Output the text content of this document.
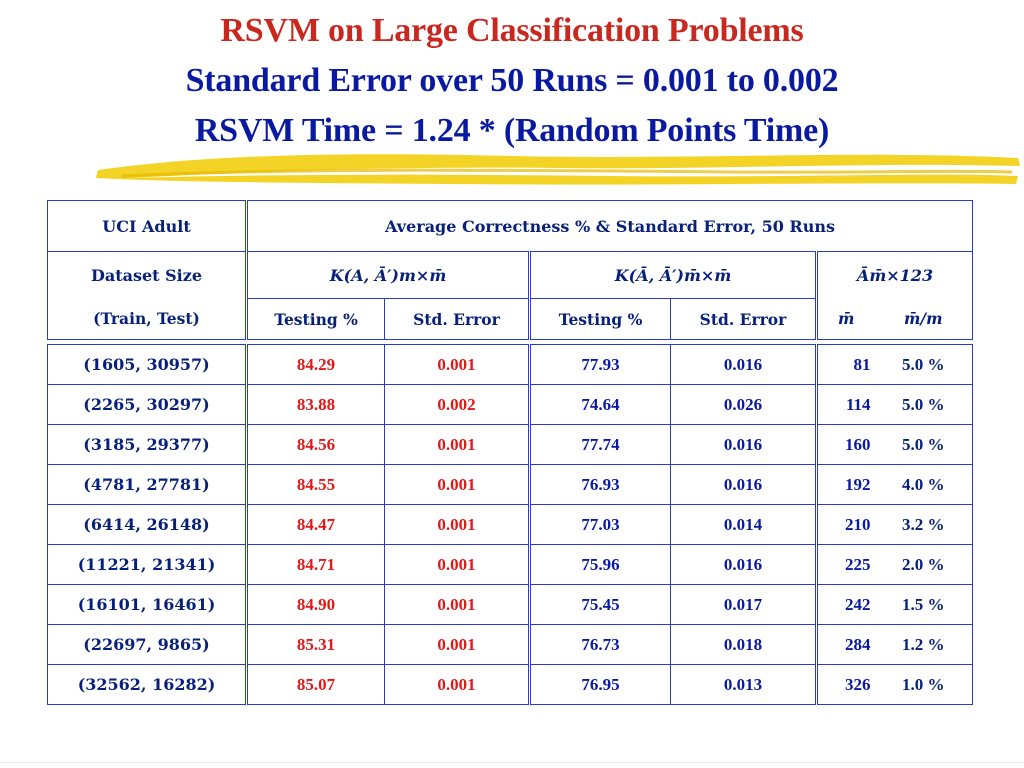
RSVM on Large Classification Problems
Standard Error over 50 Runs = 0.001 to 0.002
RSVM Time = 1.24 * (Random Points Time)
UCI Adult	Average Correctness % & Standard Error, 50 Runs					
Dataset Size	K(A, Ā′)m×m̄		K(Ā, Ā′)m̄×m̄		Ām̄×123	
(Train, Test)	Testing %	Std. Error	Testing %	Std. Error	m̄	m̄/m

(1605, 30957)	84.29	0.001	77.93	0.016	81	5.0 %
(2265, 30297)	83.88	0.002	74.64	0.026	114	5.0 %
(3185, 29377)	84.56	0.001	77.74	0.016	160	5.0 %
(4781, 27781)	84.55	0.001	76.93	0.016	192	4.0 %
(6414, 26148)	84.47	0.001	77.03	0.014	210	3.2 %
(11221, 21341)	84.71	0.001	75.96	0.016	225	2.0 %
(16101, 16461)	84.90	0.001	75.45	0.017	242	1.5 %
(22697, 9865)	85.31	0.001	76.73	0.018	284	1.2 %
(32562, 16282)	85.07	0.001	76.95	0.013	326	1.0 %
